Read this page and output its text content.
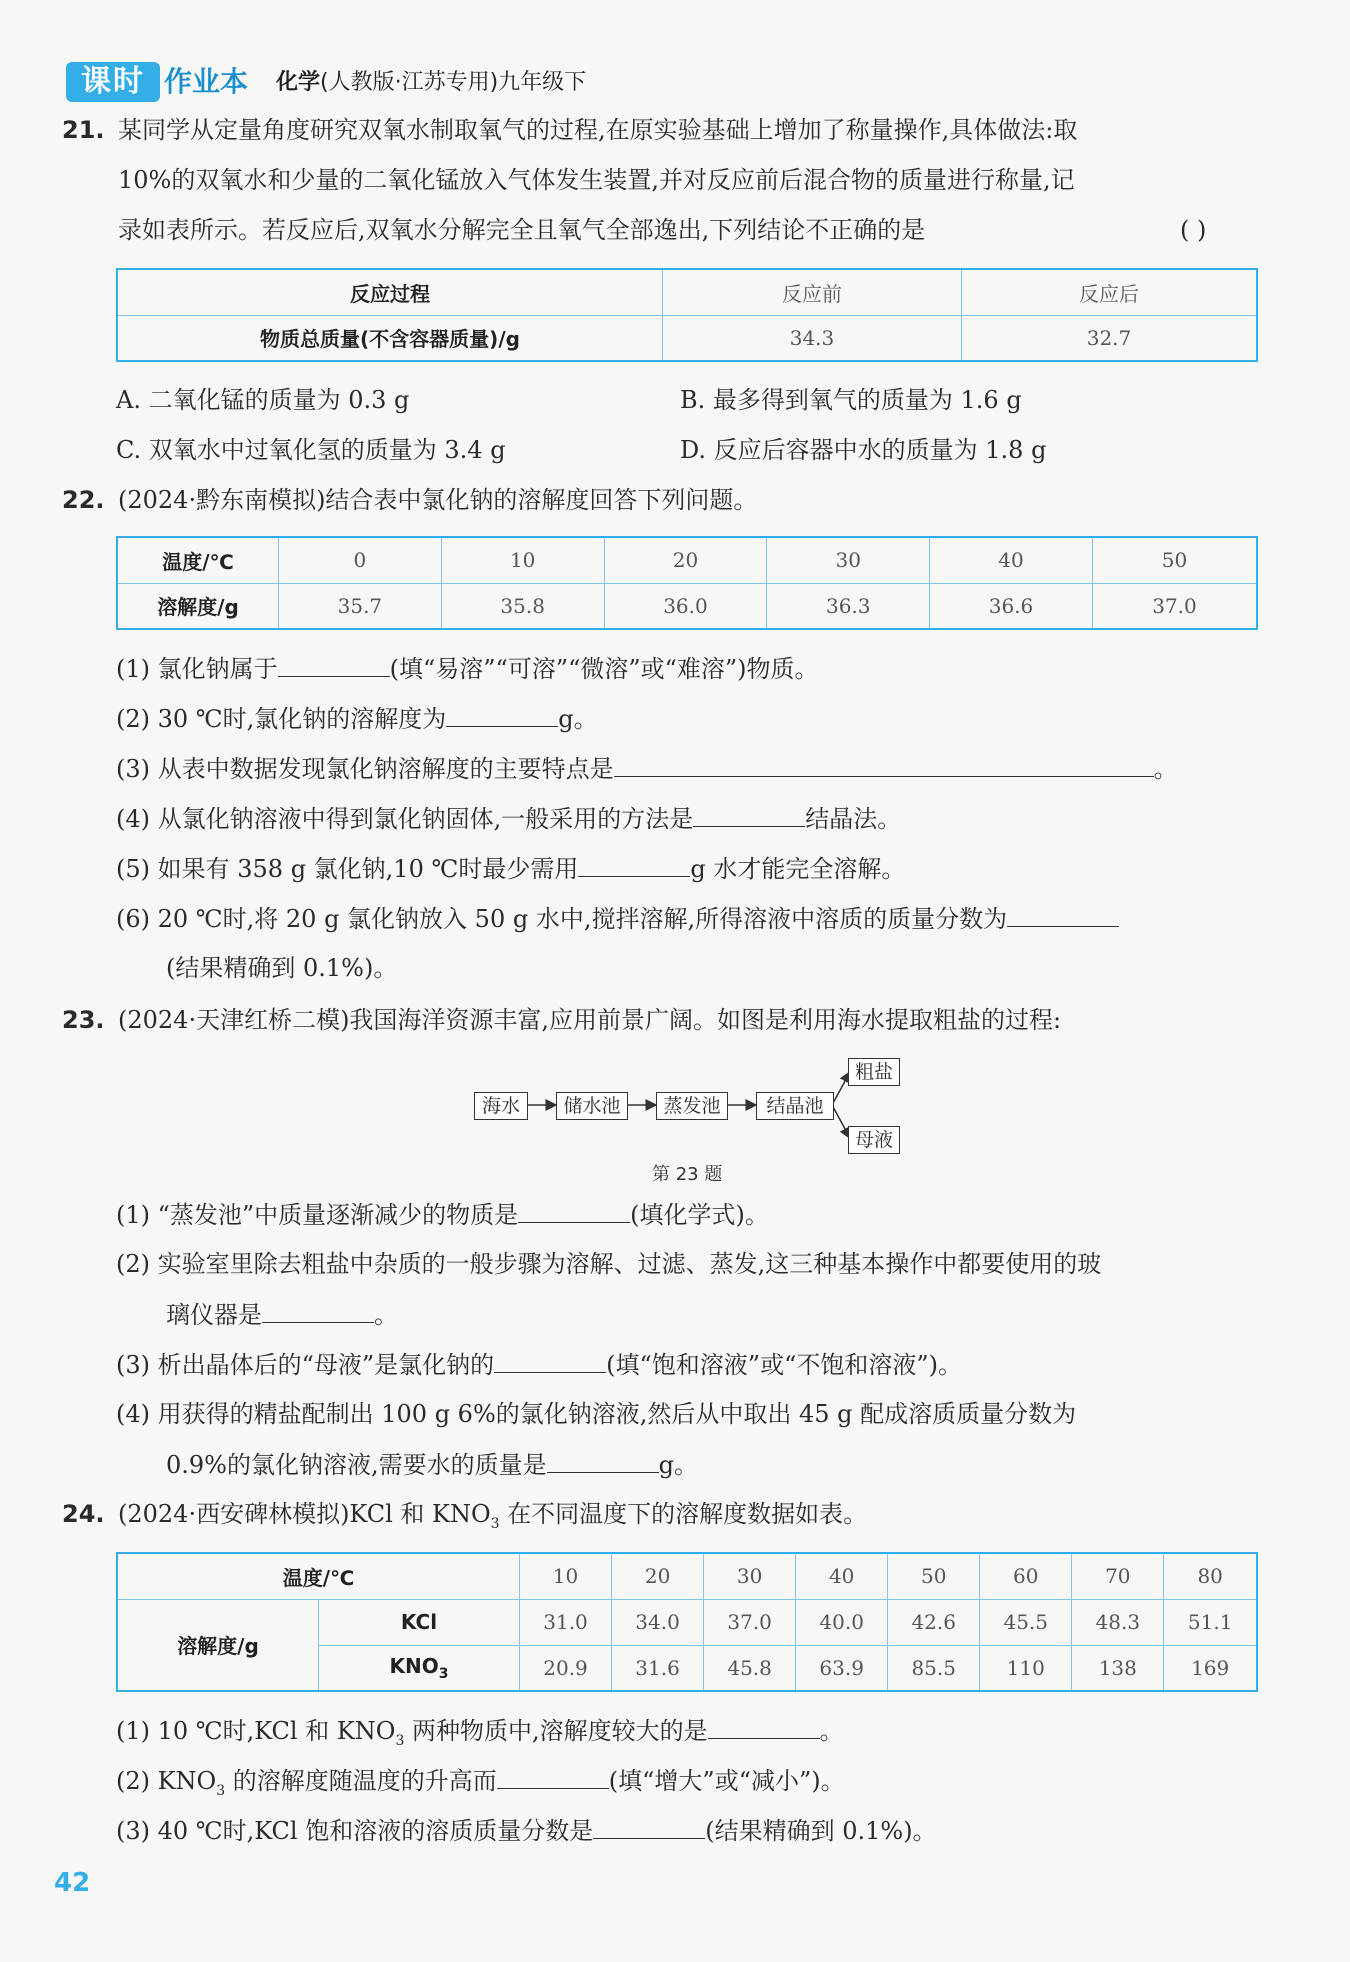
课时 作业本 化学(人教版·江苏专用)九年级下
21. 某同学从定量角度研究双氧水制取氧气的过程,在原实验基础上增加了称量操作,具体做法:取
10%的双氧水和少量的二氧化锰放入气体发生装置,并对反应前后混合物的质量进行称量,记
录如表所示。若反应后,双氧水分解完全且氧气全部逸出,下列结论不正确的是	( )
反应过程	反应前	反应后
物质总质量(不含容器质量)/g	34.3	32.7
A. 二氧化锰的质量为 0.3 g	B. 最多得到氧气的质量为 1.6 g
C. 双氧水中过氧化氢的质量为 3.4 g	D. 反应后容器中水的质量为 1.8 g
22. (2024·黔东南模拟)结合表中氯化钠的溶解度回答下列问题。
温度/℃	0	10	20	30	40	50
溶解度/g	35.7	35.8	36.0	36.3	36.6	37.0
(1) 氯化钠属于	(填“易溶”“可溶”“微溶”或“难溶”)物质。
(2) 30 ℃时,氯化钠的溶解度为	g。
(3) 从表中数据发现氯化钠溶解度的主要特点是	。
(4) 从氯化钠溶液中得到氯化钠固体,一般采用的方法是	结晶法。
(5) 如果有 358 g 氯化钠,10 ℃时最少需用	g 水才能完全溶解。
(6) 20 ℃时,将 20 g 氯化钠放入 50 g 水中,搅拌溶解,所得溶液中溶质的质量分数为
(结果精确到 0.1%)。
23. (2024·天津红桥二模)我国海洋资源丰富,应用前景广阔。如图是利用海水提取粗盐的过程:
海水	储水池	蒸发池	结晶池
粗盐
母液
第 23 题
(1) “蒸发池”中质量逐渐减少的物质是	(填化学式)。
(2) 实验室里除去粗盐中杂质的一般步骤为溶解、过滤、蒸发,这三种基本操作中都要使用的玻
璃仪器是	。
(3) 析出晶体后的“母液”是氯化钠的	(填“饱和溶液”或“不饱和溶液”)。
(4) 用获得的精盐配制出 100 g 6%的氯化钠溶液,然后从中取出 45 g 配成溶质质量分数为
0.9%的氯化钠溶液,需要水的质量是	g。
24. (2024·西安碑林模拟)KCl 和 $KNO_3$ 在不同温度下的溶解度数据如表。
温度/℃		10	20	30	40	50	60	70	80
溶解度/g	KCl	31.0	34.0	37.0	40.0	42.6	45.5	48.3	51.1
	$KNO_3$	20.9	31.6	45.8	63.9	85.5	110	138	169
(1) 10 ℃时,KCl 和 $KNO_3$ 两种物质中,溶解度较大的是	。
(2) $KNO_3$ 的溶解度随温度的升高而	(填“增大”或“减小”)。
(3) 40 ℃时,KCl 饱和溶液的溶质质量分数是	(结果精确到 0.1%)。
42
